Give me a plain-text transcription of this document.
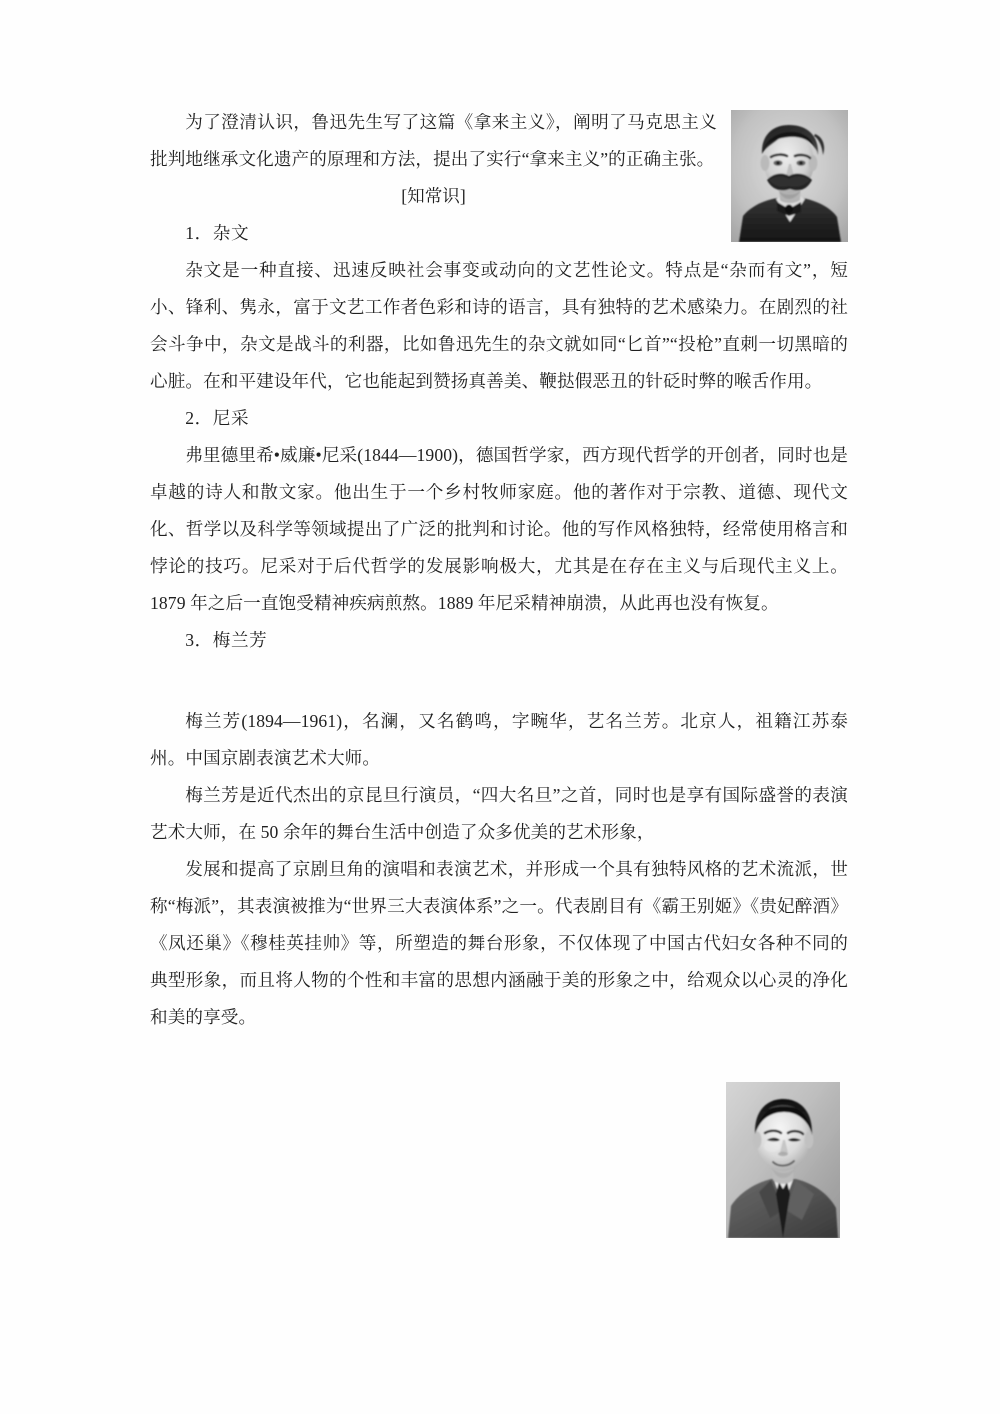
为了澄清认识，鲁迅先生写了这篇《拿来主义》，阐明了马克思主义批判地继承文化遗产的原理和方法，提出了实行“拿来主义”的正确主张。

[知常识]

1．杂文

杂文是一种直接、迅速反映社会事变或动向的文艺性论文。特点是“杂而有文”，短小、锋利、隽永，富于文艺工作者色彩和诗的语言，具有独特的艺术感染力。在剧烈的社会斗争中，杂文是战斗的利器，比如鲁迅先生的杂文就如同“匕首”“投枪”直刺一切黑暗的心脏。在和平建设年代，它也能起到赞扬真善美、鞭挞假恶丑的针砭时弊的喉舌作用。

2．尼采

弗里德里希•威廉•尼采(1844—1900)，德国哲学家，西方现代哲学的开创者，同时也是卓越的诗人和散文家。他出生于一个乡村牧师家庭。他的著作对于宗教、道德、现代文化、哲学以及科学等领域提出了广泛的批判和讨论。他的写作风格独特，经常使用格言和悖论的技巧。尼采对于后代哲学的发展影响极大，尤其是在存在主义与后现代主义上。1879 年之后一直饱受精神疾病煎熬。1889 年尼采精神崩溃，从此再也没有恢复。

3．梅兰芳

梅兰芳(1894—1961)，名澜，又名鹤鸣，字畹华，艺名兰芳。北京人，祖籍江苏泰州。中国京剧表演艺术大师。

梅兰芳是近代杰出的京昆旦行演员，“四大名旦”之首，同时也是享有国际盛誉的表演艺术大师，在 50 余年的舞台生活中创造了众多优美的艺术形象，

发展和提高了京剧旦角的演唱和表演艺术，并形成一个具有独特风格的艺术流派，世称“梅派”，其表演被推为“世界三大表演体系”之一。代表剧目有《霸王别姬》《贵妃醉酒》《凤还巢》《穆桂英挂帅》等，所塑造的舞台形象，不仅体现了中国古代妇女各种不同的典型形象，而且将人物的个性和丰富的思想内涵融于美的形象之中，给观众以心灵的净化和美的享受。
